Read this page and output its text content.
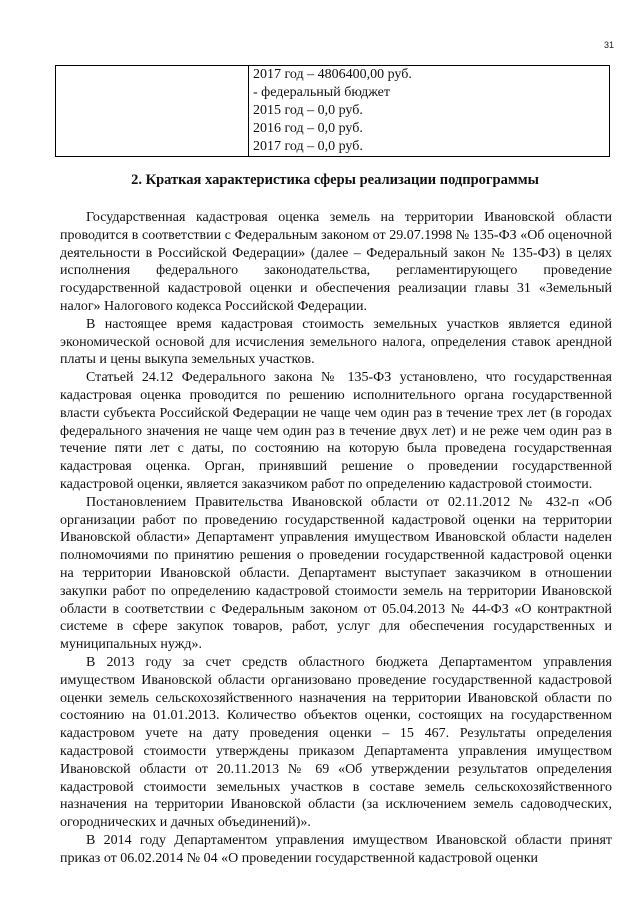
31

2017 год – 4806400,00 руб.
- федеральный бюджет
2015 год – 0,0 руб.
2016 год – 0,0 руб.
2017 год – 0,0 руб.
2. Краткая характеристика сферы реализации подпрограммы

Государственная кадастровая оценка земель на территории Ивановской области проводится в соответствии с Федеральным законом от 29.07.1998 № 135-ФЗ «Об оценочной деятельности в Российской Федерации» (далее – Федеральный закон № 135-ФЗ) в целях исполнения федерального законодательства, регламентирующего проведение государственной кадастровой оценки и обеспечения реализации главы 31 «Земельный налог» Налогового кодекса Российской Федерации.

В настоящее время кадастровая стоимость земельных участков является единой экономической основой для исчисления земельного налога, определения ставок арендной платы и цены выкупа земельных участков.

Статьей 24.12 Федерального закона № 135-ФЗ установлено, что государственная кадастровая оценка проводится по решению исполнительного органа государственной власти субъекта Российской Федерации не чаще чем один раз в течение трех лет (в городах федерального значения не чаще чем один раз в течение двух лет) и не реже чем один раз в течение пяти лет с даты, по состоянию на которую была проведена государственная кадастровая оценка. Орган, принявший решение о проведении государственной кадастровой оценки, является заказчиком работ по определению кадастровой стоимости.

Постановлением Правительства Ивановской области от 02.11.2012 № 432-п «Об организации работ по проведению государственной кадастровой оценки на территории Ивановской области» Департамент управления имуществом Ивановской области наделен полномочиями по принятию решения о проведении государственной кадастровой оценки на территории Ивановской области. Департамент выступает заказчиком в отношении закупки работ по определению кадастровой стоимости земель на территории Ивановской области в соответствии с Федеральным законом от 05.04.2013 № 44-ФЗ «О контрактной системе в сфере закупок товаров, работ, услуг для обеспечения государственных и муниципальных нужд».

В 2013 году за счет средств областного бюджета Департаментом управления имуществом Ивановской области организовано проведение государственной кадастровой оценки земель сельскохозяйственного назначения на территории Ивановской области по состоянию на 01.01.2013. Количество объектов оценки, состоящих на государственном кадастровом учете на дату проведения оценки – 15 467. Результаты определения кадастровой стоимости утверждены приказом Департамента управления имуществом Ивановской области от 20.11.2013 № 69 «Об утверждении результатов определения кадастровой стоимости земельных участков в составе земель сельскохозяйственного назначения на территории Ивановской области (за исключением земель садоводческих, огороднических и дачных объединений)».

В 2014 году Департаментом управления имуществом Ивановской области принят приказ от 06.02.2014 № 04 «О проведении государственной кадастровой оценки
